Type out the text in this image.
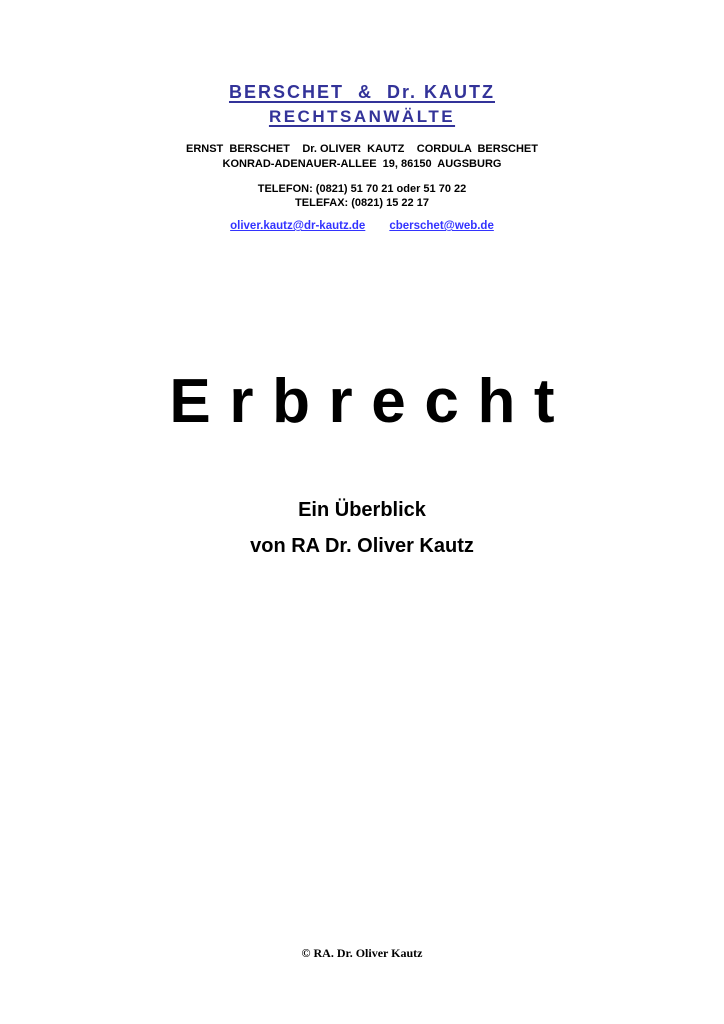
BERSCHET  &  Dr. KAUTZ
RECHTSANWÄLTE
ERNST  BERSCHET Dr. OLIVER  KAUTZ CORDULA  BERSCHET
KONRAD-ADENAUER-ALLEE  19, 86150  AUGSBURG
TELEFON: (0821) 51 70 21 oder 51 70 22
TELEFAX: (0821) 15 22 17
oliver.kautz@dr-kautz.de cberschet@web.de
Erbrecht
Ein Überblick
von RA Dr. Oliver Kautz
© RA. Dr. Oliver Kautz
